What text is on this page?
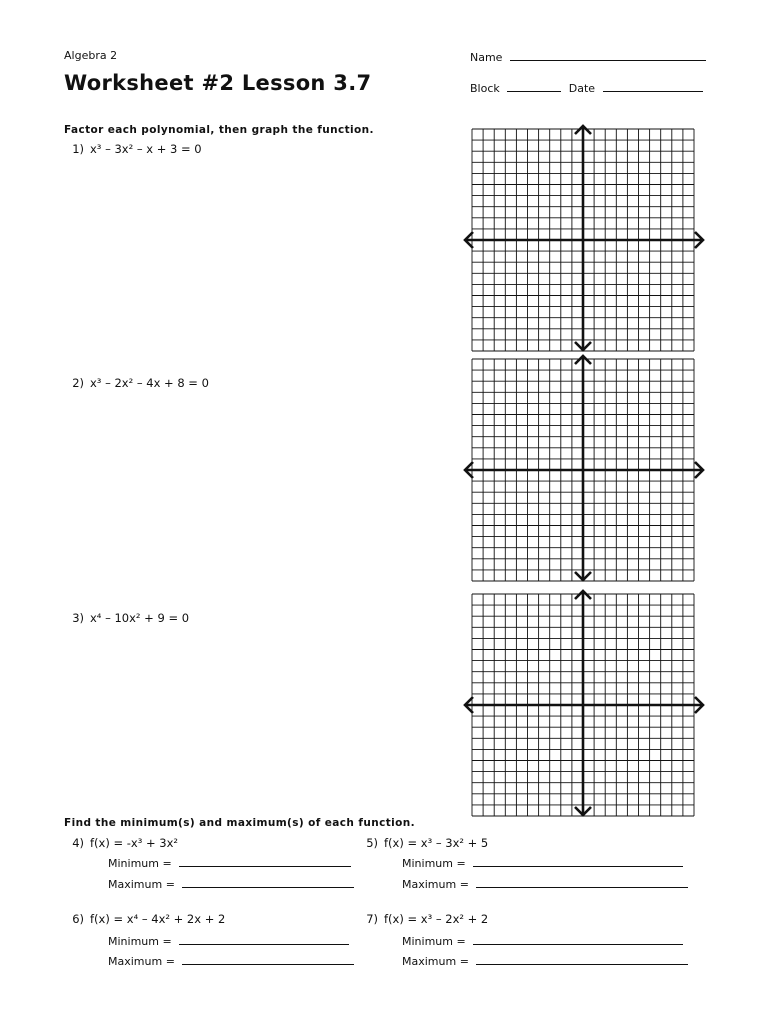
Algebra 2
Worksheet #2 Lesson 3.7
Name
Block	Date
Factor each polynomial, then graph the function.
1) x³ – 3x² – x + 3 = 0
2) x³ – 2x² – 4x + 8 = 0
3) x⁴ – 10x² + 9 = 0
Find the minimum(s) and maximum(s) of each function.
4) f(x) = -x³ + 3x²
Minimum =
Maximum =
5) f(x) = x³ – 3x² + 5
Minimum =
Maximum =
6) f(x) = x⁴ – 4x² + 2x + 2
Minimum =
Maximum =
7) f(x) = x³ – 2x² + 2
Minimum =
Maximum =
